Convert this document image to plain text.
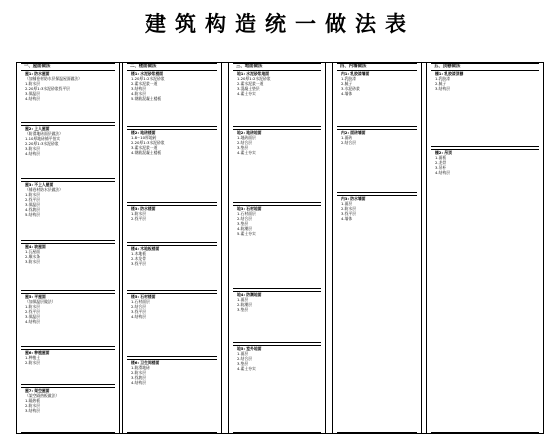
建筑构造统一做法表
一、屋面做法
屋1: 防水屋面
（加铺卷材防水层保温屋面做法）
1.防水层
2.20厚1:3水泥砂浆找平层
3.保温层
4.结构层
屋2: 上人屋面
（防滑地砖面层做法）
1.10厚地砖铺平拍实
2.20厚1:3水泥砂浆
3.防水层
4.结构层
屋3: 不上人屋面
（铺卷材防水层做法）
1.防水层
2.找平层
3.保温层
4.找坡层
5.结构层
屋4: 坡屋面
1.瓦屋面
2.顺水条
3.防水层
屋5: 平屋面
（加保温层做法）
1.防水层
2.找平层
3.保温层
4.结构层
屋6: 种植屋面
1.种植土
2.防水层
屋7: 架空屋面
（架空隔热板做法）
1.隔热板
2.防水层
3.结构层
二、楼面做法
楼1: 水泥砂浆楼面
1.20厚1:2水泥砂浆
2.素水泥浆一道
3.结构层
4.防水层
5.钢筋混凝土楼板
楼2: 地砖楼面
1.8~10厚地砖
2.20厚1:3水泥砂浆
3.素水泥浆一道
4.钢筋混凝土楼板
楼3: 防水楼面
1.防水层
2.找平层
楼4: 木地板楼面
1.木地板
2.木龙骨
3.找平层
楼5: 石材楼面
1.石材面层
2.结合层
3.找平层
4.结构层
楼6: 卫生间楼面
1.防滑地砖
2.防水层
3.找坡层
4.结构层
三、地面做法
地1: 水泥砂浆地面
1.20厚1:2水泥砂浆
2.素水泥浆一道
3.混凝土垫层
4.素土夯实
地2: 地砖地面
1.地砖面层
2.结合层
3.垫层
4.素土夯实
地3: 石材地面
1.石材面层
2.结合层
3.垫层
4.防潮层
5.素土夯实
地4: 防潮地面
1.面层
2.防潮层
3.垫层
地5: 室外地面
1.面层
2.结合层
3.垫层
4.素土夯实
四、内墙做法
内1: 乳胶漆墙面
1.乳胶漆
2.腻子
3.水泥砂浆
4.墙体
内2: 面砖墙面
1.面砖
2.结合层
内3: 防水墙面
1.面层
2.防水层
3.找平层
4.墙体
五、顶棚做法
棚1: 乳胶漆顶棚
1.乳胶漆
2.腻子
3.结构层
棚2: 吊顶
1.面板
2.龙骨
3.吊杆
4.结构层
